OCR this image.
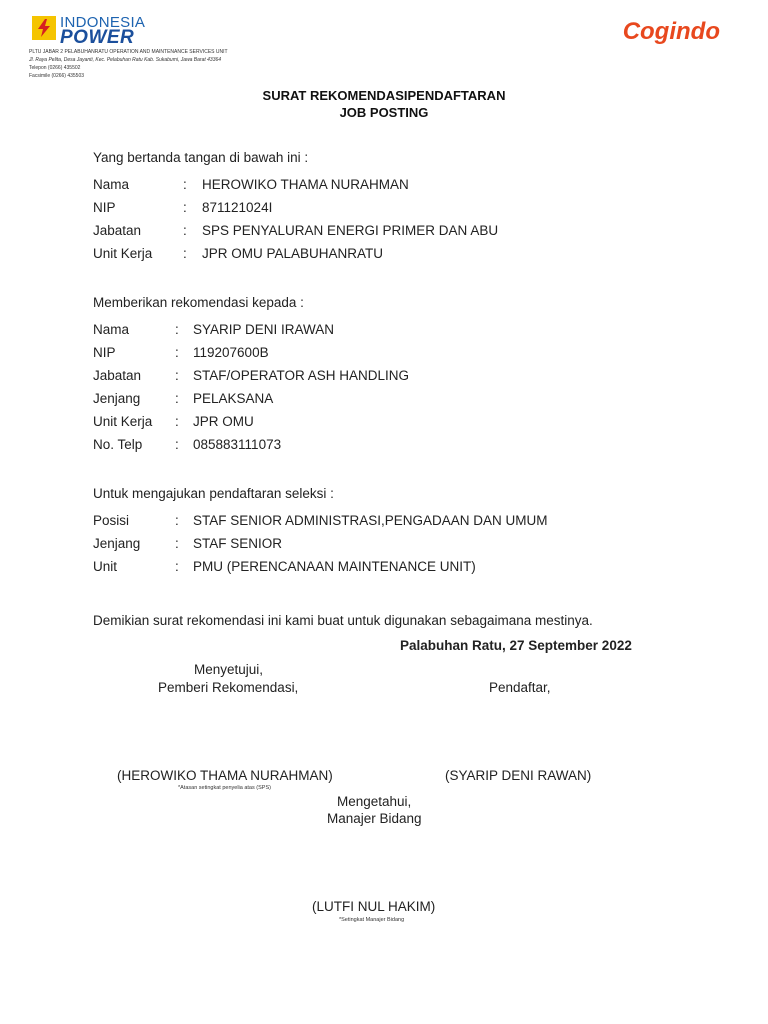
INDONESIA
POWER
PLTU JABAR 2 PELABUHANRATU OPERATION AND MAINTENANCE SERVICES UNIT
Jl. Raya Pelita, Desa Jayanti, Kec. Pelabuhan Ratu Kab. Sukabumi, Jawa Barat 43364
Telepon (0266) 435502
Facsimile (0266) 435503
Cogindo
SURAT REKOMENDASIPENDAFTARAN
JOB POSTING
Yang bertanda tangan di bawah ini :
Nama	: HEROWIKO THAMA NURAHMAN
NIP	: 871121024I
Jabatan	: SPS PENYALURAN ENERGI PRIMER DAN ABU
Unit Kerja : JPR OMU PALABUHANRATU
Memberikan rekomendasi kepada :
Nama	: SYARIP DENI IRAWAN
NIP	: 119207600B
Jabatan	: STAF/OPERATOR ASH HANDLING
Jenjang	: PELAKSANA
Unit Kerja : JPR OMU
No. Telp : 085883111073
Untuk mengajukan pendaftaran seleksi :
Posisi	: STAF SENIOR ADMINISTRASI,PENGADAAN DAN UMUM
Jenjang	: STAF SENIOR
Unit	: PMU (PERENCANAAN MAINTENANCE UNIT)
Demikian surat rekomendasi ini kami buat untuk digunakan sebagaimana mestinya.
Palabuhan Ratu, 27 September 2022
Menyetujui,
Pemberi Rekomendasi,	Pendaftar,
(HEROWIKO THAMA NURAHMAN)
*Atasan setingkat penyelia atas (SPS)
(SYARIP DENI RAWAN)
Mengetahui,
Manajer Bidang
(LUTFI NUL HAKIM)
*Setingkat Manajer Bidang
